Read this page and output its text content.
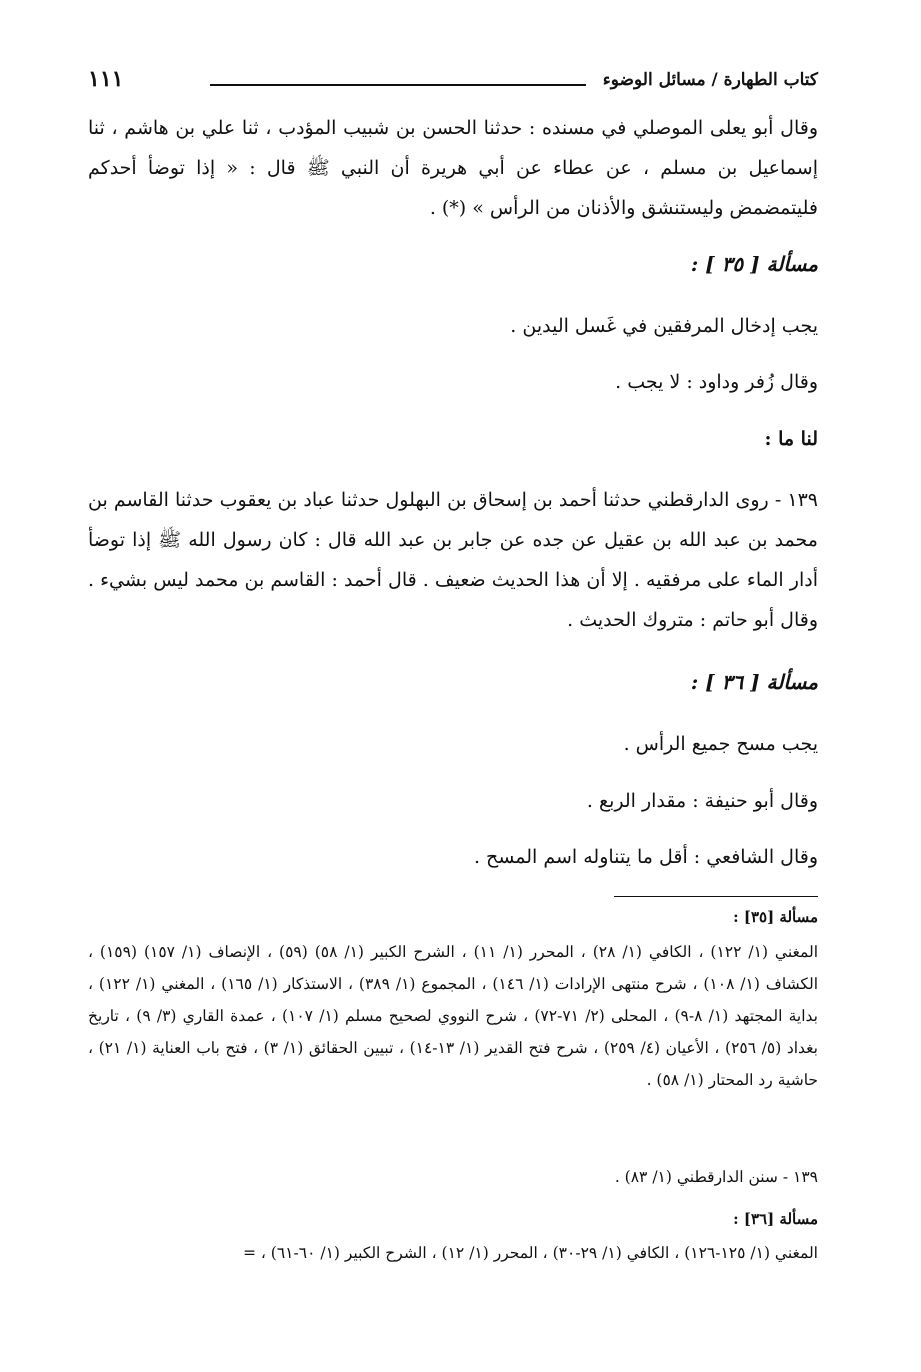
كتاب الطهارة / مسائل الوضوء
١١١
وقال أبو يعلى الموصلي في مسنده : حدثنا الحسن بن شبيب المؤدب ، ثنا علي بن هاشم ، ثنا إسماعيل بن مسلم ، عن عطاء عن أبي هريرة أن النبي ﷺ قال : « إذا توضأ أحدكم فليتمضمض وليستنشق والأذنان من الرأس » (*) .
مسألة [ ٣٥ ] :
يجب إدخال المرفقين في غَسل اليدين .
وقال زُفر وداود : لا يجب .
لنا ما :
١٣٩ - روى الدارقطني حدثنا أحمد بن إسحاق بن البهلول حدثنا عباد بن يعقوب حدثنا القاسم بن محمد بن عبد الله بن عقيل عن جده عن جابر بن عبد الله قال : كان رسول الله ﷺ إذا توضأ أدار الماء على مرفقيه . إلا أن هذا الحديث ضعيف . قال أحمد : القاسم بن محمد ليس بشيء . وقال أبو حاتم : متروك الحديث .
مسألة [ ٣٦ ] :
يجب مسح جميع الرأس .
وقال أبو حنيفة : مقدار الربع .
وقال الشافعي : أقل ما يتناوله اسم المسح .
مسألة [٣٥] :
المغني (١/ ١٢٢) ، الكافي (١/ ٢٨) ، المحرر (١/ ١١) ، الشرح الكبير (١/ ٥٨) (٥٩) ، الإنصاف (١/ ١٥٧) (١٥٩) ، الكشاف (١/ ١٠٨) ، شرح منتهى الإرادات (١/ ١٤٦) ، المجموع (١/ ٣٨٩) ، الاستذكار (١/ ١٦٥) ، المغني (١/ ١٢٢) ، بداية المجتهد (١/ ٨-٩) ، المحلى (٢/ ٧١-٧٢) ، شرح النووي لصحيح مسلم (١/ ١٠٧) ، عمدة القاري (٣/ ٩) ، تاريخ بغداد (٥/ ٢٥٦) ، الأعيان (٤/ ٢٥٩) ، شرح فتح القدير (١/ ١٣-١٤) ، تبيين الحقائق (١/ ٣) ، فتح باب العناية (١/ ٢١) ، حاشية رد المحتار (١/ ٥٨) .
١٣٩ - سنن الدارقطني (١/ ٨٣) .
مسألة [٣٦] :
المغني (١/ ١٢٥-١٢٦) ، الكافي (١/ ٢٩-٣٠) ، المحرر (١/ ١٢) ، الشرح الكبير (١/ ٦٠-٦١) ، =
